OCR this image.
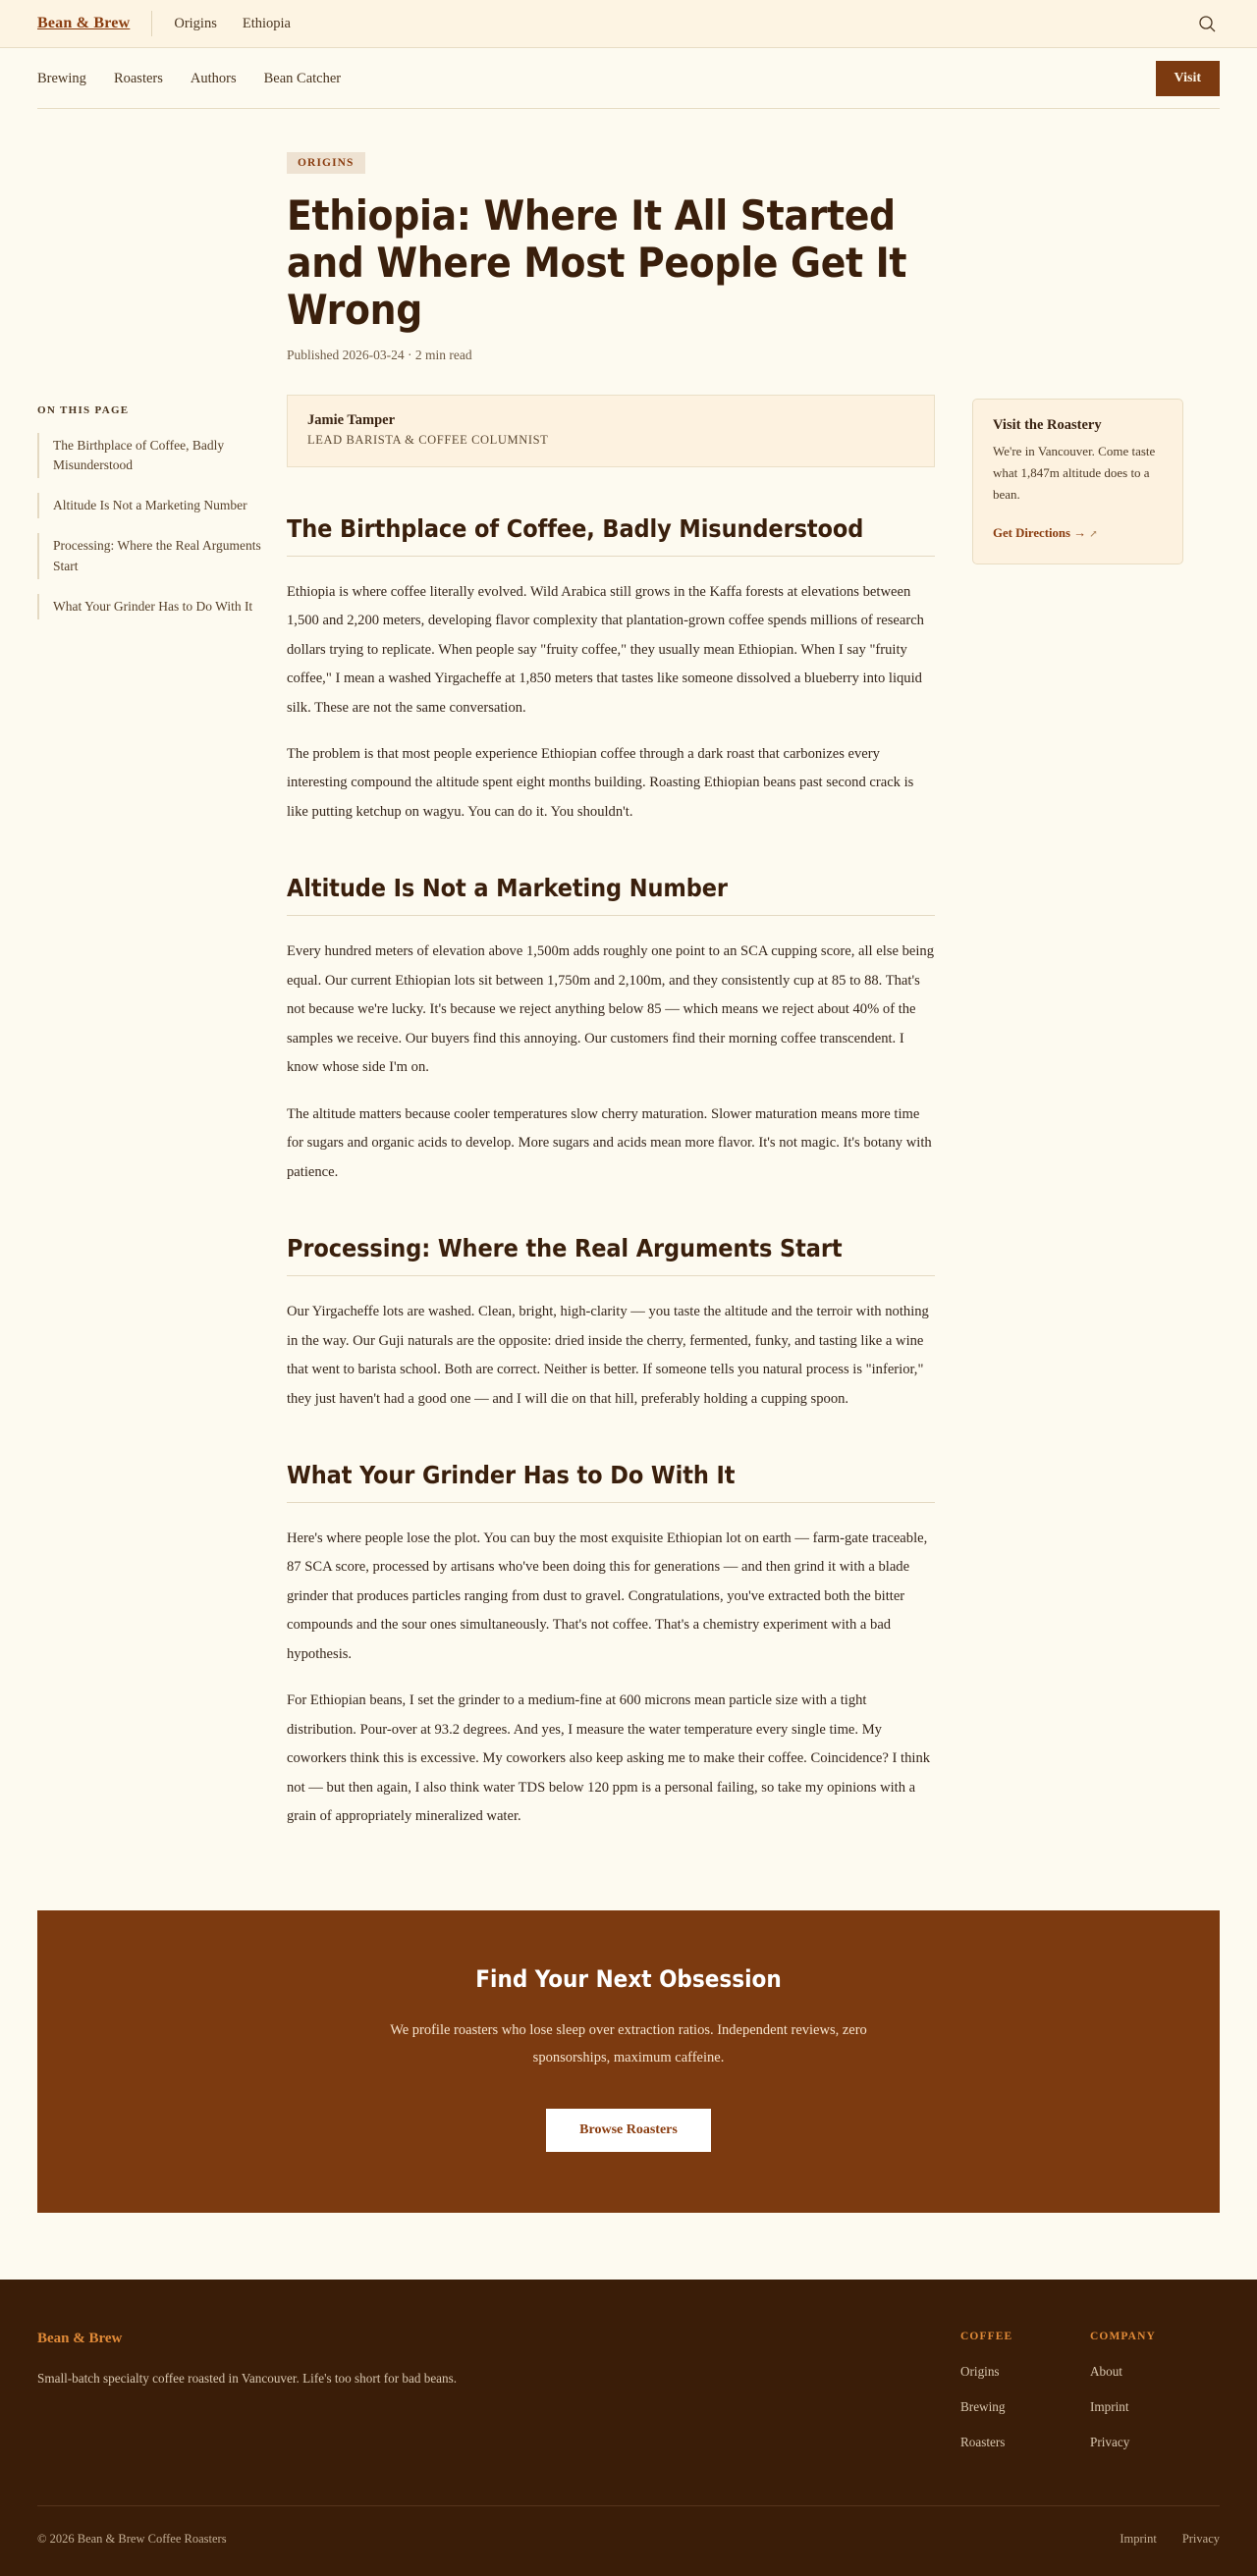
Bean & Brew	Origins Ethiopia
Brewing Roasters Authors Bean Catcher	Visit
ORIGINS
Ethiopia: Where It All Started and Where Most People Get It Wrong
Published 2026-03-24 · 2 min read
ON THIS PAGE
The Birthplace of Coffee, Badly Misunderstood
Altitude Is Not a Marketing Number
Processing: Where the Real Arguments Start
What Your Grinder Has to Do With It
Jamie Tamper
LEAD BARISTA & COFFEE COLUMNIST
The Birthplace of Coffee, Badly Misunderstood

Ethiopia is where coffee literally evolved. Wild Arabica still grows in the Kaffa forests at elevations between 1,500 and 2,200 meters, developing flavor complexity that plantation-grown coffee spends millions of research dollars trying to replicate. When people say "fruity coffee," they usually mean Ethiopian. When I say "fruity coffee," I mean a washed Yirgacheffe at 1,850 meters that tastes like someone dissolved a blueberry into liquid silk. These are not the same conversation.

The problem is that most people experience Ethiopian coffee through a dark roast that carbonizes every interesting compound the altitude spent eight months building. Roasting Ethiopian beans past second crack is like putting ketchup on wagyu. You can do it. You shouldn't.

Altitude Is Not a Marketing Number

Every hundred meters of elevation above 1,500m adds roughly one point to an SCA cupping score, all else being equal. Our current Ethiopian lots sit between 1,750m and 2,100m, and they consistently cup at 85 to 88. That's not because we're lucky. It's because we reject anything below 85 — which means we reject about 40% of the samples we receive. Our buyers find this annoying. Our customers find their morning coffee transcendent. I know whose side I'm on.

The altitude matters because cooler temperatures slow cherry maturation. Slower maturation means more time for sugars and organic acids to develop. More sugars and acids mean more flavor. It's not magic. It's botany with patience.

Processing: Where the Real Arguments Start

Our Yirgacheffe lots are washed. Clean, bright, high-clarity — you taste the altitude and the terroir with nothing in the way. Our Guji naturals are the opposite: dried inside the cherry, fermented, funky, and tasting like a wine that went to barista school. Both are correct. Neither is better. If someone tells you natural process is "inferior," they just haven't had a good one — and I will die on that hill, preferably holding a cupping spoon.

What Your Grinder Has to Do With It

Here's where people lose the plot. You can buy the most exquisite Ethiopian lot on earth — farm-gate traceable, 87 SCA score, processed by artisans who've been doing this for generations — and then grind it with a blade grinder that produces particles ranging from dust to gravel. Congratulations, you've extracted both the bitter compounds and the sour ones simultaneously. That's not coffee. That's a chemistry experiment with a bad hypothesis.

For Ethiopian beans, I set the grinder to a medium-fine at 600 microns mean particle size with a tight distribution. Pour-over at 93.2 degrees. And yes, I measure the water temperature every single time. My coworkers think this is excessive. My coworkers also keep asking me to make their coffee. Coincidence? I think not — but then again, I also think water TDS below 120 ppm is a personal failing, so take my opinions with a grain of appropriately mineralized water.

Visit the Roastery
We're in Vancouver. Come taste what 1,847m altitude does to a bean.
Get Directions → ↗
Find Your Next Obsession

We profile roasters who lose sleep over extraction ratios. Independent reviews, zero sponsorships, maximum caffeine.

Browse Roasters
Bean & Brew
Small-batch specialty coffee roasted in Vancouver. Life's too short for bad beans.
COFFEE
Origins
Brewing
Roasters
COMPANY
About
Imprint
Privacy
© 2026 Bean & Brew Coffee Roasters	Imprint Privacy
